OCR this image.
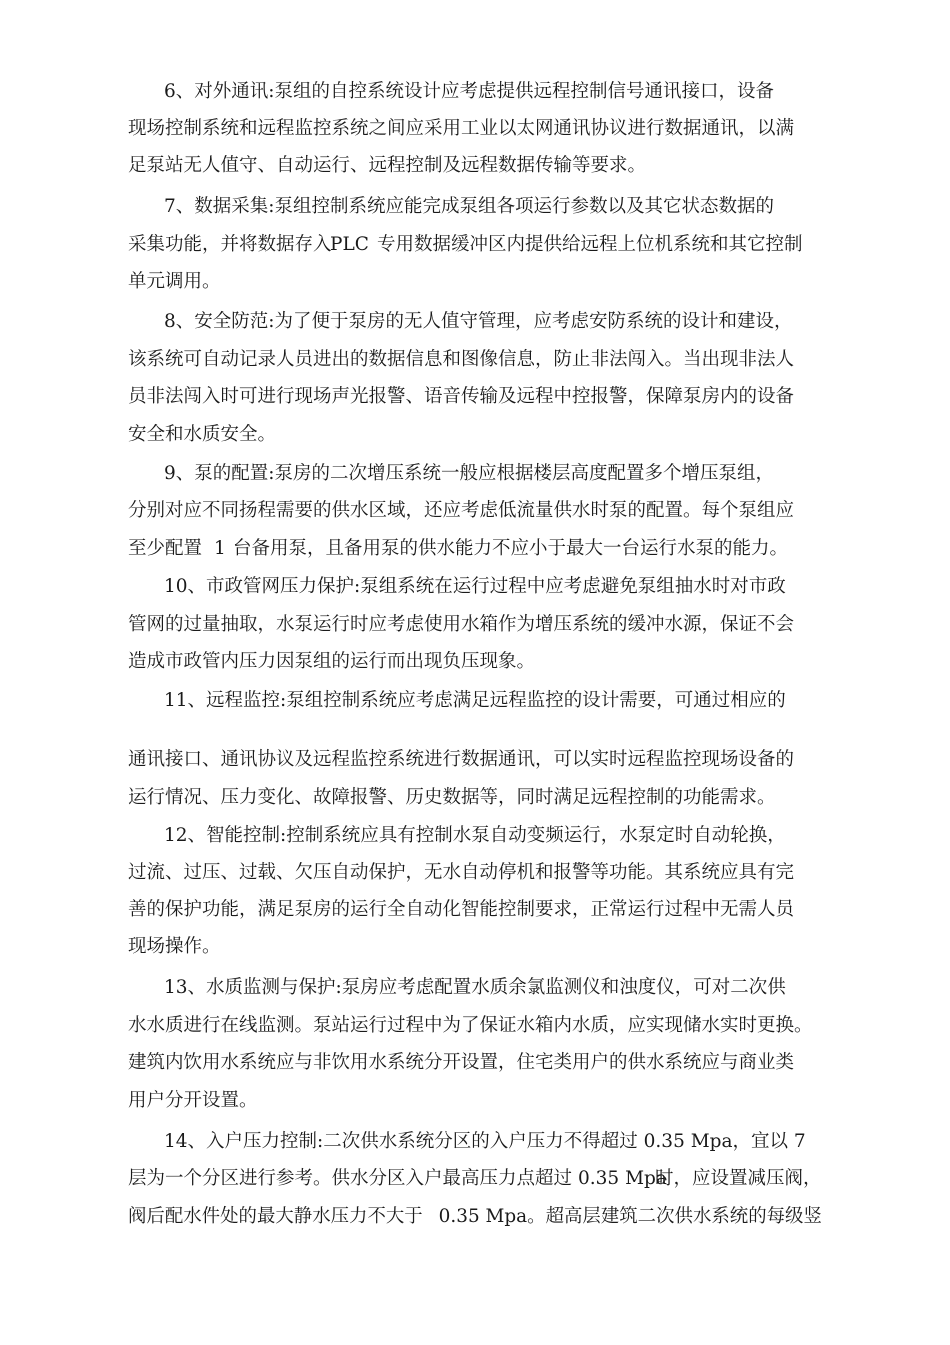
6、对外通讯:泵组的自控系统设计应考虑提供远程控制信号通讯接口，设备
现场控制系统和远程监控系统之间应采用工业以太网通讯协议进行数据通讯，以满
足泵站无人值守、自动运行、远程控制及远程数据传输等要求。
7、数据采集:泵组控制系统应能完成泵组各项运行参数以及其它状态数据的
采集功能，并将数据存入
PLC 专用数据缓冲区内提供给远程上位机系统和其它控制
单元调用。
8、安全防范:为了便于泵房的无人值守管理，应考虑安防系统的设计和建设，
该系统可自动记录人员进出的数据信息和图像信息，防止非法闯入。当出现非法人
员非法闯入时可进行现场声光报警、语音传输及远程中控报警，保障泵房内的设备
安全和水质安全。
9、泵的配置:泵房的二次增压系统一般应根据楼层高度配置多个增压泵组，
分别对应不同扬程需要的供水区域，还应考虑低流量供水时泵的配置。每个泵组应
至少配置 1 台备用泵，且备用泵的供水能力不应小于最大一台运行水泵的能力。
10、市政管网压力保护:泵组系统在运行过程中应考虑避免泵组抽水时对市政
管网的过量抽取，水泵运行时应考虑使用水箱作为增压系统的缓冲水源，保证不会
造成市政管内压力因泵组的运行而出现负压现象。
11、远程监控:泵组控制系统应考虑满足远程监控的设计需要，可通过相应的
通讯接口、通讯协议及远程监控系统进行数据通讯，可以实时远程监控现场设备的
运行情况、压力变化、故障报警、历史数据等，同时满足远程控制的功能需求。
12、智能控制:控制系统应具有控制水泵自动变频运行，水泵定时自动轮换，
过流、过压、过载、欠压自动保护，无水自动停机和报警等功能。其系统应具有完
善的保护功能，满足泵房的运行全自动化智能控制要求，正常运行过程中无需人员
现场操作。
13、水质监测与保护:泵房应考虑配置水质余氯监测仪和浊度仪，可对二次供
水水质进行在线监测。泵站运行过程中为了保证水箱内水质，应实现储水实时更换。
建筑内饮用水系统应与非饮用水系统分开设置，住宅类用户的供水系统应与商业类
用户分开设置。
14、入户压力控制:二次供水系统分区的入户压力不得超过 0.35 Mpa，宜以 7
层为一个分区进行参考。供水分区入户最高压力点超过 0.35 Mpa
时，应设置减压阀，
阀后配水件处的最大静水压力不大于 0.35 Mpa。超高层建筑二次供水系统的每级竖
